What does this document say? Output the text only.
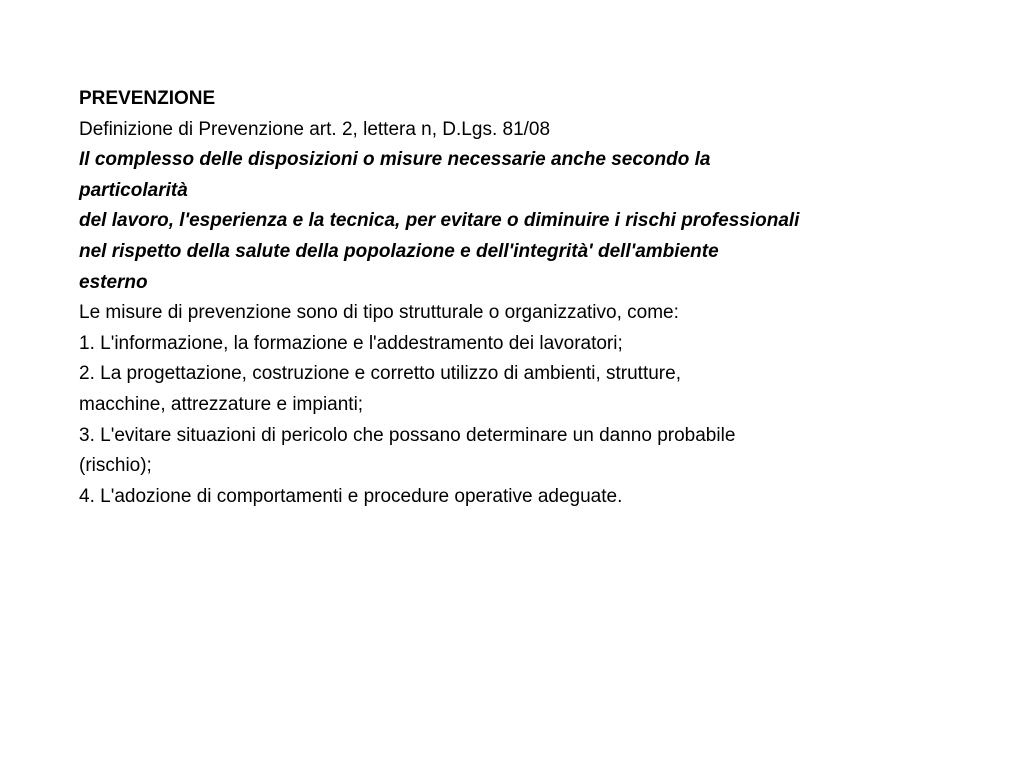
PREVENZIONE
Definizione di Prevenzione art. 2, lettera n, D.Lgs. 81/08
Il complesso delle disposizioni o misure necessarie anche secondo la
particolarità
del lavoro, l'esperienza e la tecnica, per evitare o diminuire i rischi professionali
nel rispetto della salute della popolazione e dell'integrità' dell'ambiente
esterno
Le misure di prevenzione sono di tipo strutturale o organizzativo, come:
1. L'informazione, la formazione e l'addestramento dei lavoratori;
2. La progettazione, costruzione e corretto utilizzo di ambienti, strutture,
macchine, attrezzature e impianti;
3. L'evitare situazioni di pericolo che possano determinare un danno probabile
(rischio);
4. L'adozione di comportamenti e procedure operative adeguate.
